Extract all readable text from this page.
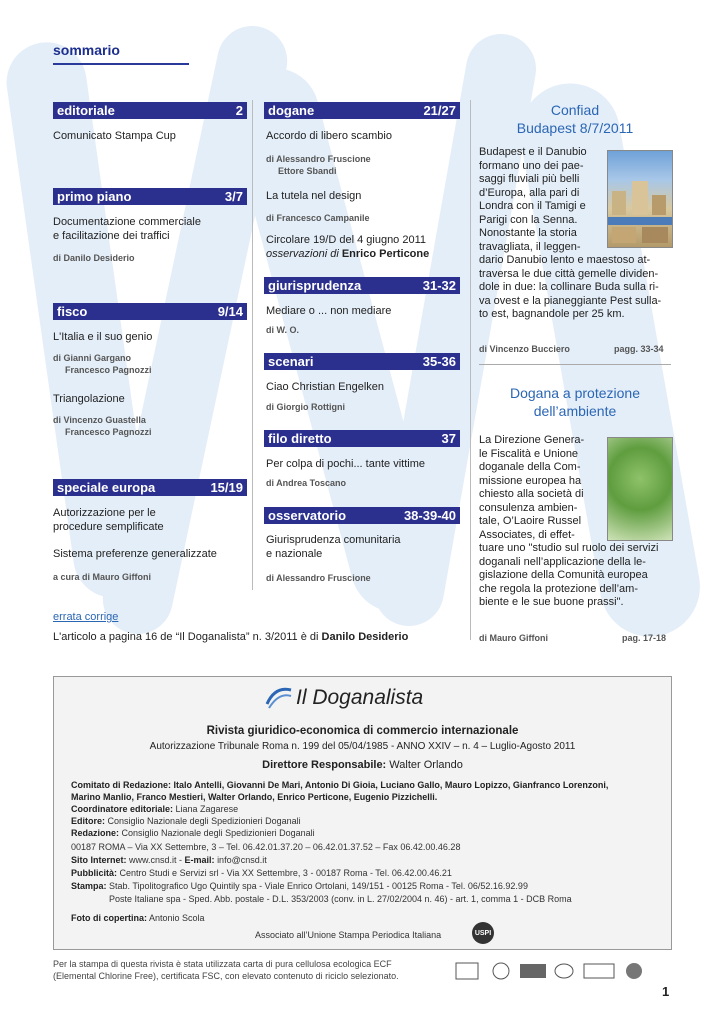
sommario
editoriale	2
Comunicato Stampa Cup
primo piano	3/7
Documentazione commerciale
e facilitazione dei traffici
di Danilo Desiderio
fisco	9/14
L'Italia e il suo genio
di Gianni Gargano
Francesco Pagnozzi
Triangolazione
di Vincenzo Guastella
Francesco Pagnozzi
speciale europa	15/19
Autorizzazione per le
procedure semplificate
Sistema preferenze generalizzate
a cura di Mauro Giffoni
dogane	21/27
Accordo di libero scambio
di Alessandro Fruscione
Ettore Sbandi
La tutela nel design
di Francesco Campanile
Circolare 19/D del 4 giugno 2011
osservazioni di Enrico Perticone
giurisprudenza	31-32
Mediare o ... non mediare
di W. O.
scenari	35-36
Ciao Christian Engelken
di Giorgio Rottigni
filo diretto	37
Per colpa di pochi... tante vittime
di Andrea Toscano
osservatorio	38-39-40
Giurisprudenza comunitaria
e nazionale
di Alessandro Fruscione
errata corrige
L'articolo a pagina 16 de “Il Doganalista” n. 3/2011 è di Danilo Desiderio
Confiad
Budapest 8/7/2011
Budapest e il Danubio
formano uno dei pae-
saggi fluviali più belli
d’Europa, alla pari di
Londra con il Tamigi e
Parigi con la Senna.
Nonostante la storia
travagliata, il leggen-
dario Danubio lento e maestoso at-
traversa le due città gemelle dividen-
dole in due: la collinare Buda sulla ri-
va ovest e la pianeggiante Pest sulla-
to est, bagnandole per 25 km.
di Vincenzo Bucciero	pagg. 33-34
Dogana a protezione
dell’ambiente
La Direzione Genera-
le Fiscalità e Unione
doganale della Com-
missione europea ha
chiesto alla società di
consulenza ambien-
tale, O’Laoire Russel
Associates, di effet-
tuare uno "studio sul ruolo dei servizi
doganali nell’applicazione della le-
gislazione della Comunità europea
che regola la protezione dell’am-
biente e le sue buone prassi".
di Mauro Giffoni	pag. 17-18
Il Doganalista
Rivista giuridico-economica di commercio internazionale
Autorizzazione Tribunale Roma n. 199 del 05/04/1985 - ANNO XXIV – n. 4 – Luglio-Agosto 2011
Direttore Responsabile: Walter Orlando
Comitato di Redazione: Italo Antelli, Giovanni De Mari, Antonio Di Gioia, Luciano Gallo, Mauro Lopizzo, Gianfranco Lorenzoni,
Marino Manlio, Franco Mestieri, Walter Orlando, Enrico Perticone, Eugenio Pizzichelli.
Coordinatore editoriale: Liana Zagarese
Editore: Consiglio Nazionale degli Spedizionieri Doganali
Redazione: Consiglio Nazionale degli Spedizionieri Doganali
00187 ROMA – Via XX Settembre, 3 – Tel. 06.42.01.37.20 – 06.42.01.37.52 – Fax 06.42.00.46.28
Sito Internet: www.cnsd.it - E-mail: info@cnsd.it
Pubblicità: Centro Studi e Servizi srl - Via XX Settembre, 3 - 00187 Roma - Tel. 06.42.00.46.21
Stampa: Stab. Tipolitografico Ugo Quintily spa - Viale Enrico Ortolani, 149/151 - 00125 Roma - Tel. 06/52.16.92.99
Poste Italiane spa - Sped. Abb. postale - D.L. 353/2003 (conv. in L. 27/02/2004 n. 46) - art. 1, comma 1 - DCB Roma
Foto di copertina: Antonio Scola
Associato all’Unione Stampa Periodica Italiana	USPI
Per la stampa di questa rivista è stata utilizzata carta di pura cellulosa ecologica ECF
(Elemental Chlorine Free), certificata FSC, con elevato contenuto di riciclo selezionato.
1
